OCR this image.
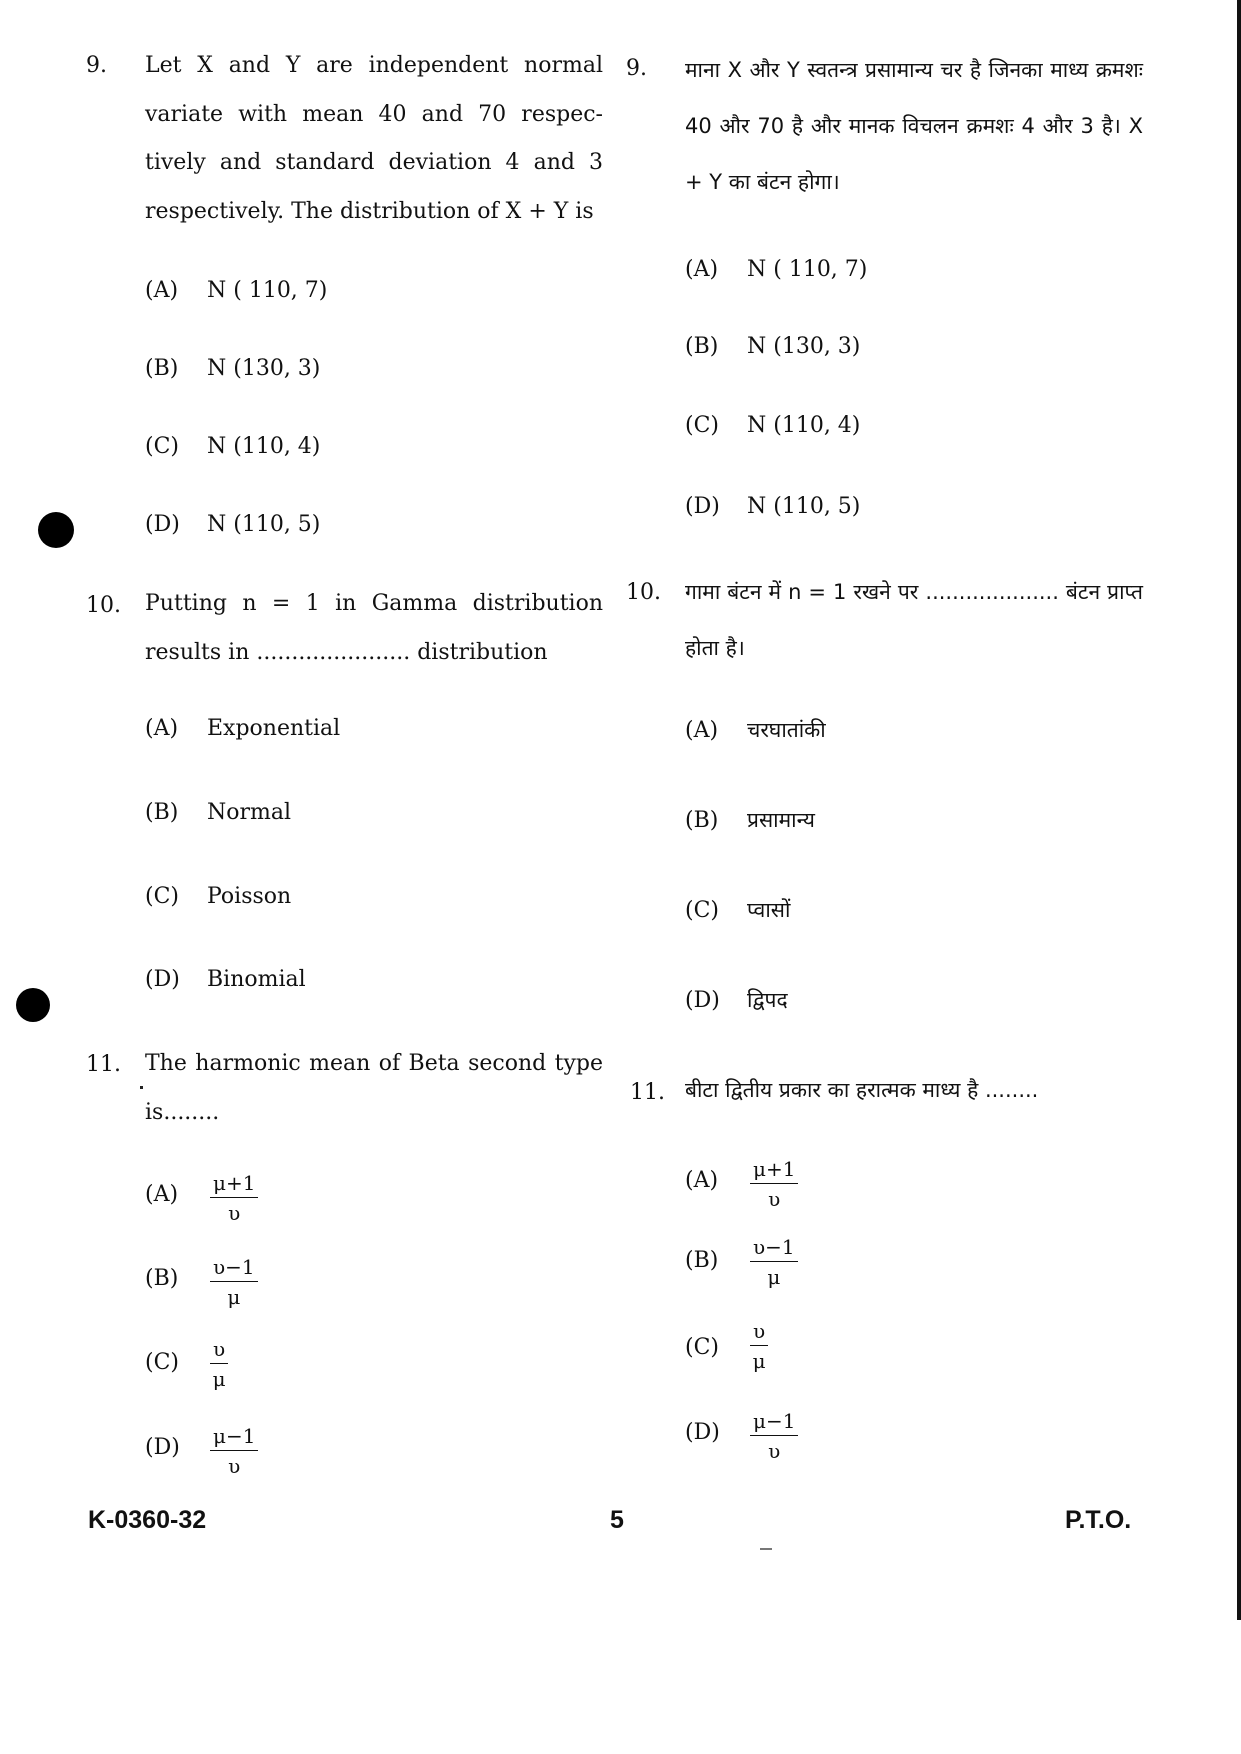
9. Let X and Y are independent normal variate with mean 40 and 70 respec- tively and standard deviation 4 and 3 respectively. The distribution of X + Y is
(A) N ( 110, 7)
(B) N (130, 3)
(C) N (110, 4)
(D) N (110, 5)
10. Putting n = 1 in Gamma distribution results in ...................... distribution
(A) Exponential
(B) Normal
(C) Poisson
(D) Binomial
11. The harmonic mean of Beta second type is........
(A)	$\frac{\mu+1}{\upsilon}$
(B)	$\frac{\upsilon-1}{\mu}$
(C)	$\frac{\upsilon}{\mu}$
(D)	$\frac{\mu-1}{\upsilon}$
9. माना X और Y स्वतन्त्र प्रसामान्य चर है जिनका माध्य क्रमशः 40 और 70 है और मानक विचलन क्रमशः 4 और 3 है। X + Y का बंटन होगा।
(A) N ( 110, 7)
(B) N (130, 3)
(C) N (110, 4)
(D) N (110, 5)
10. गामा बंटन में n = 1 रखने पर .................... बंटन प्राप्त होता है।
(A) चरघातांकी
(B) प्रसामान्य
(C) प्वासों
(D) द्विपद
11. बीटा द्वितीय प्रकार का हरात्मक माध्य है ........
(A)	$\frac{\mu+1}{\upsilon}$
(B)	$\frac{\upsilon-1}{\mu}$
(C)	$\frac{\upsilon}{\mu}$
(D)	$\frac{\mu-1}{\upsilon}$
K-0360-32	5	P.T.O.
